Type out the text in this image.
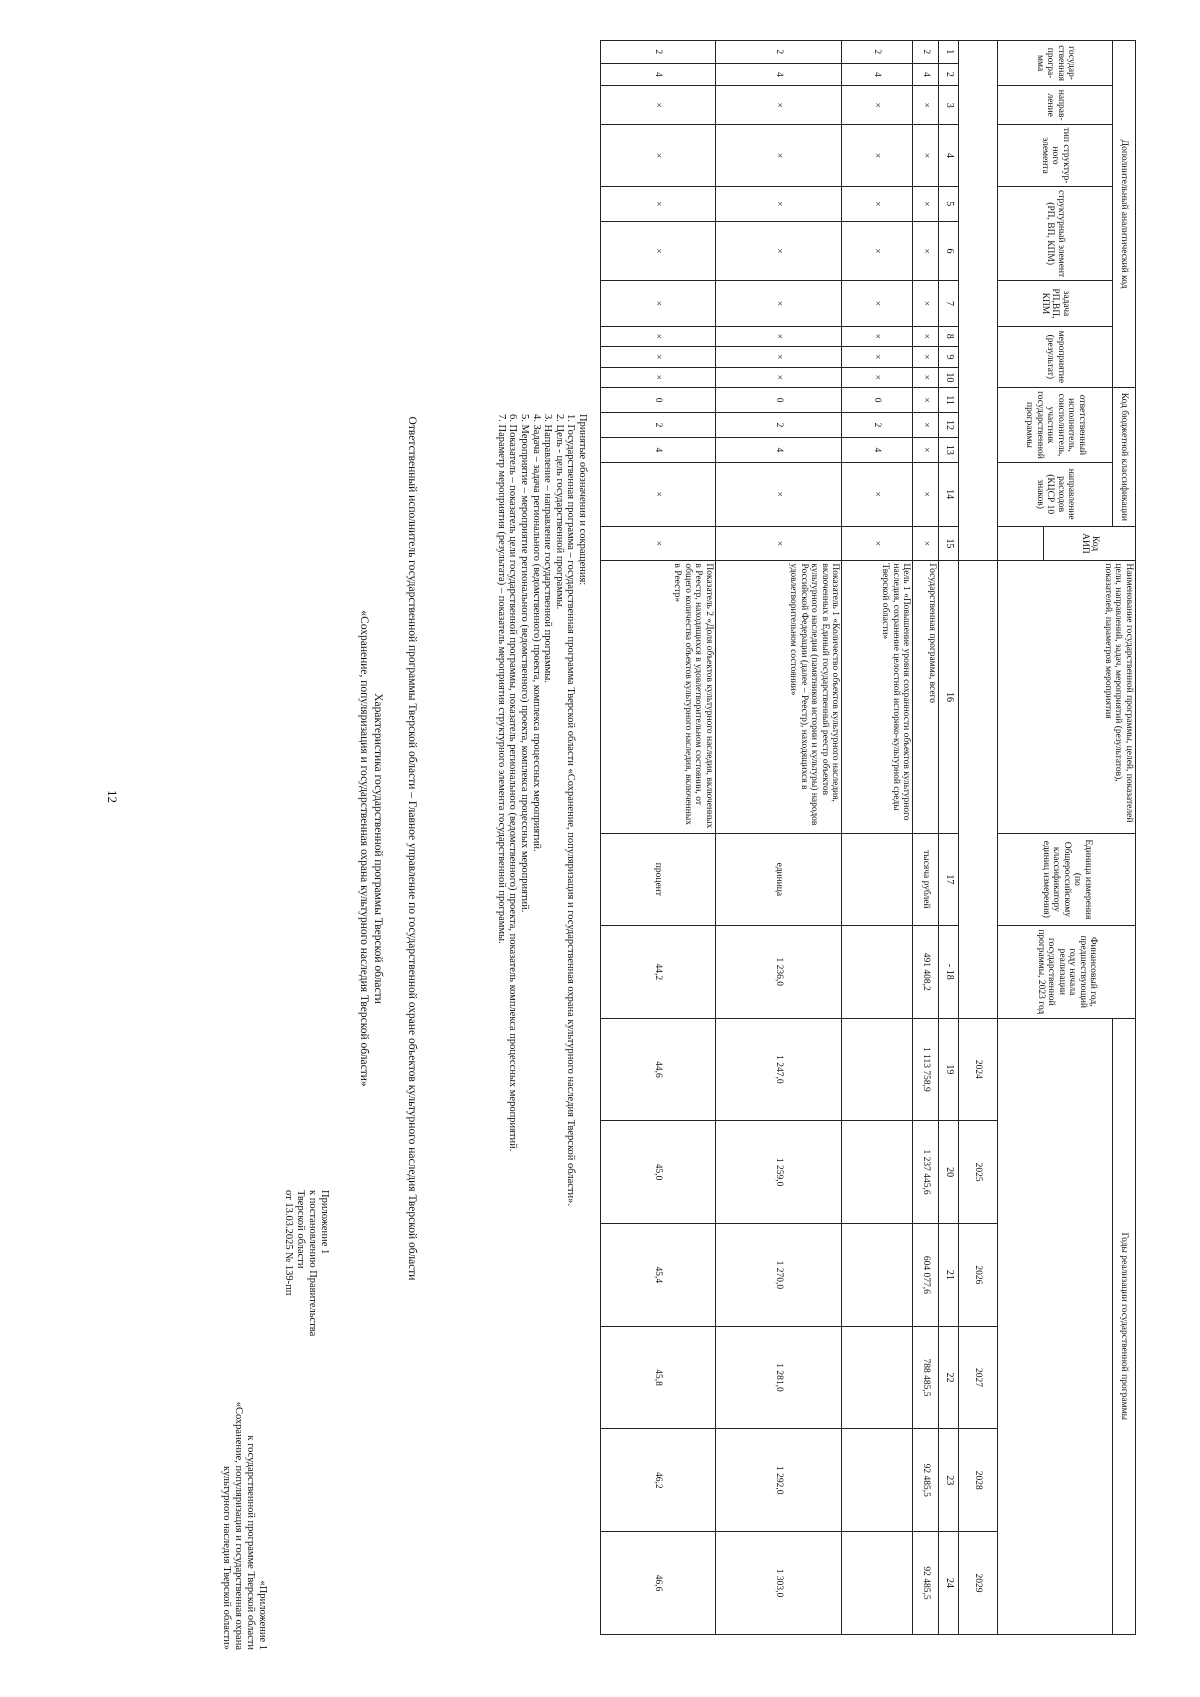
12
Приложение 1
к постановлению Правительства
Тверской области
от 13.03.2025 № 139-пп
«Приложение 1
к государственной программе Тверской области
«Сохранение, популяризация и государственная охрана
культурного наследия Тверской области»
Характеристика государственной программы Тверской области
«Сохранение, популяризация и государственная охрана культурного наследия Тверской области»	Ответственный исполнитель государственной программы Тверской области – Главное управление по государственной охране объектов культурного наследия Тверской области	Принятые обозначения и сокращения:
1. Государственная программа – государственная программа Тверской области «Сохранение, популяризация и государственная охрана культурного наследия Тверской области».
2. Цель - цель государственной программы.
3. Направление – направление государственной программы.
4. Задача – задача регионального (ведомственного) проекта, комплекса процессных мероприятий.
5. Мероприятие – мероприятие регионального (ведомственного) проекта, комплекса процессных мероприятий.
6. Показатель – показатель цели государственной программы, показатель регионального (ведомственного) проекта, показатель комплекса процессных мероприятий.
7. Параметр мероприятия (результата) – показатель мероприятия структурного элемента государственной программы.
Дополнительный аналитический код										Код бюджетной классификации				Код АИП	Наименование государственной программы, целей, показателей цели, направлений, задач, мероприятий (результатов), показателей, параметров мероприятия	Единица измерения (по Общероссийскому классификатору единиц измерения)	Финансовый год, предшествующий году начала реализации государственной программы, 2023 год	Годы реализации государственной программы					
государ-ственная програ-мма		направ-ление	тип структур-ного элемента	структурный элемент (РП, ВП, КПМ)		задача РП,ВП, КПМ	мероприятие (результат)			ответственный исполнитель, соисполнитель, участник государственной программы			направление расходов (КЦСР 10 знаков)										

																		2024	2025	2026	2027	2028	2029
1	2	3	4	5	6	7	8	9	10	11	12	13	14	15	16	17	- 18	19	20	21	22	23	24
2	4	×	×	×	×	×	×	×	×	×	×	×	×	×	Государственная программа, всего	тысяча рублей	491 408,2	1 113 758,9	1 237 445,6	604 077,6	788 485,5	92 485,5	92 485,5
2	4	×	×	×	×	×	×	×	×	0	2	4	×	×	Цель 1 «Повышение уровня сохранности объектов культурного наследия, сохранение целостной историко-культурной среды Тверской области»								
2	4	×	×	×	×	×	×	×	×	0	2	4	×	×	Показатель 1 «Количество объектов культурного наследия, включенных в Единый государственный реестр объектов культурного наследия (памятников истории и культуры) народов Российской Федерации (далее – Реестр), находящихся в удовлетворительном состоянии»	единица	1 236,0	1 247,0	1 259,0	1 270,0	1 281,0	1 292,0	1 303,0
2	4	×	×	×	×	×	×	×	×	0	2	4	×	×	Показатель 2 «Доля объектов культурного наследия, включенных в Реестр, находящихся в удовлетворительном состоянии, от общего количества объектов культурного наследия, включенных в Реестр»	процент	44,2	44,6	45,0	45,4	45,8	46,2	46,6
